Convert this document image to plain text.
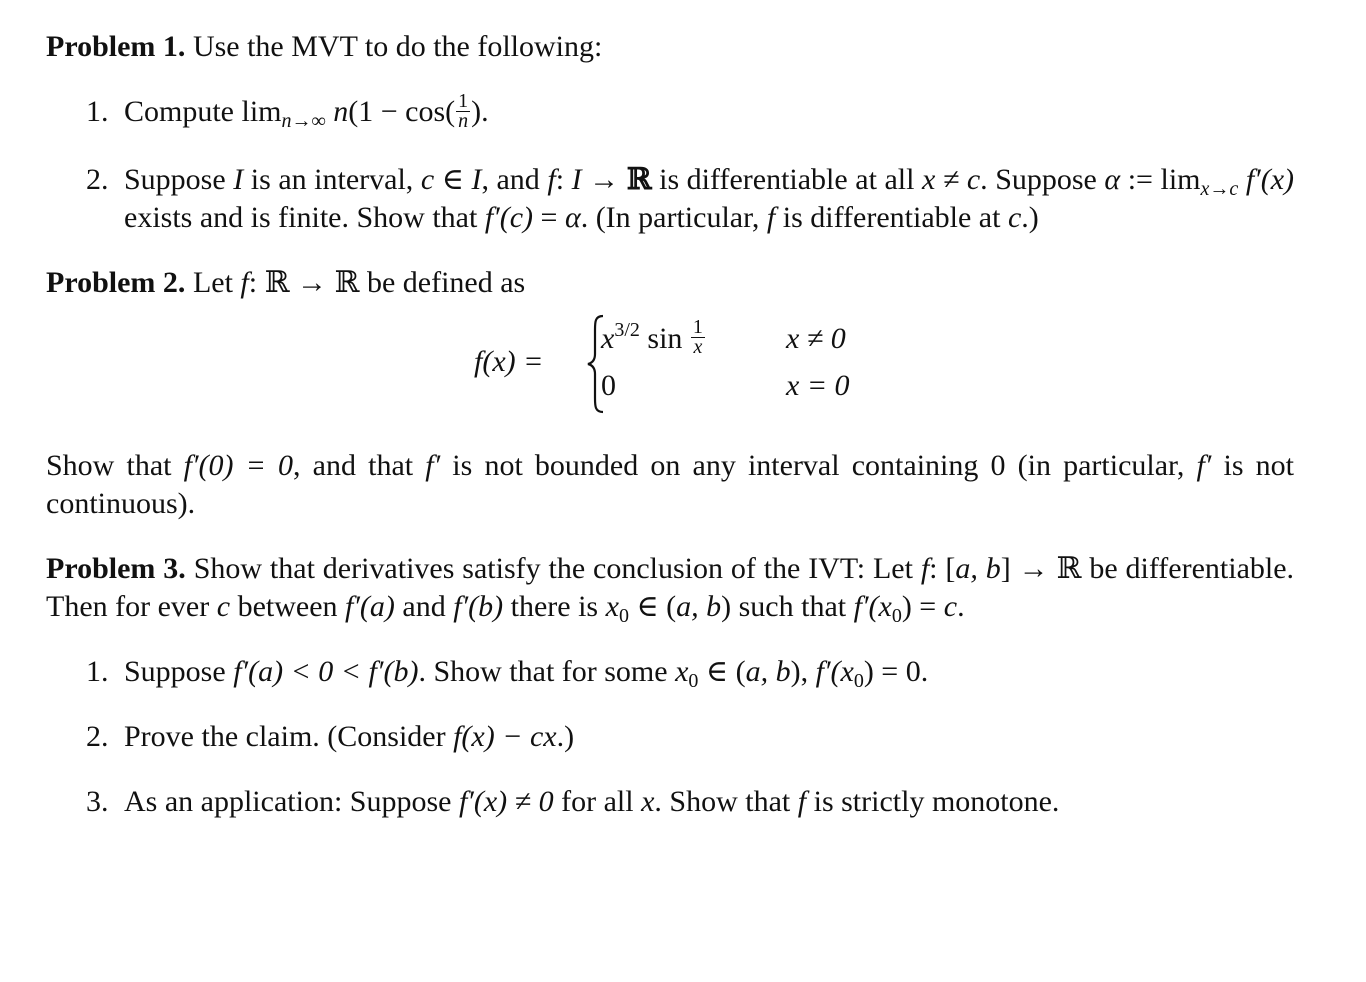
Problem 1. Use the MVT to do the following:

1. Compute $\lim_{n\to\infty} n(1 - \cos( \frac{1}{n}$ ).
2. Suppose I is an interval, c ∈ I, and f: I → ℝ is differentiable at all x ≠ c. Suppose α := $\lim_{x\to c} f'(x)$ exists and is finite. Show that f′(c) = α. (In particular, f is differentiable at c.)

Problem 2. Let f: ℝ → ℝ be defined as

f(x) =
$x^{3/2}$ $\sin \frac{1}{x}$
0
x ≠ 0
x = 0

Show that f′(0) = 0, and that f′ is not bounded on any interval containing 0 (in particular, f′ is not continuous).

Problem 3. Show that derivatives satisfy the conclusion of the IVT: Let f: [a, b] → ℝ be differentiable. Then for ever c between f′(a) and f′(b) there is $x_0$ ∈ (a, b) such that $f'(x_0) = c$.

1. Suppose f′(a) < 0 < f′(b). Show that for some $x_0$ ∈ (a, b), $f'(x_0) = 0$.
2. Prove the claim. (Consider f(x) − cx.)
3. As an application: Suppose f′(x) ≠ 0 for all x. Show that f is strictly monotone.
